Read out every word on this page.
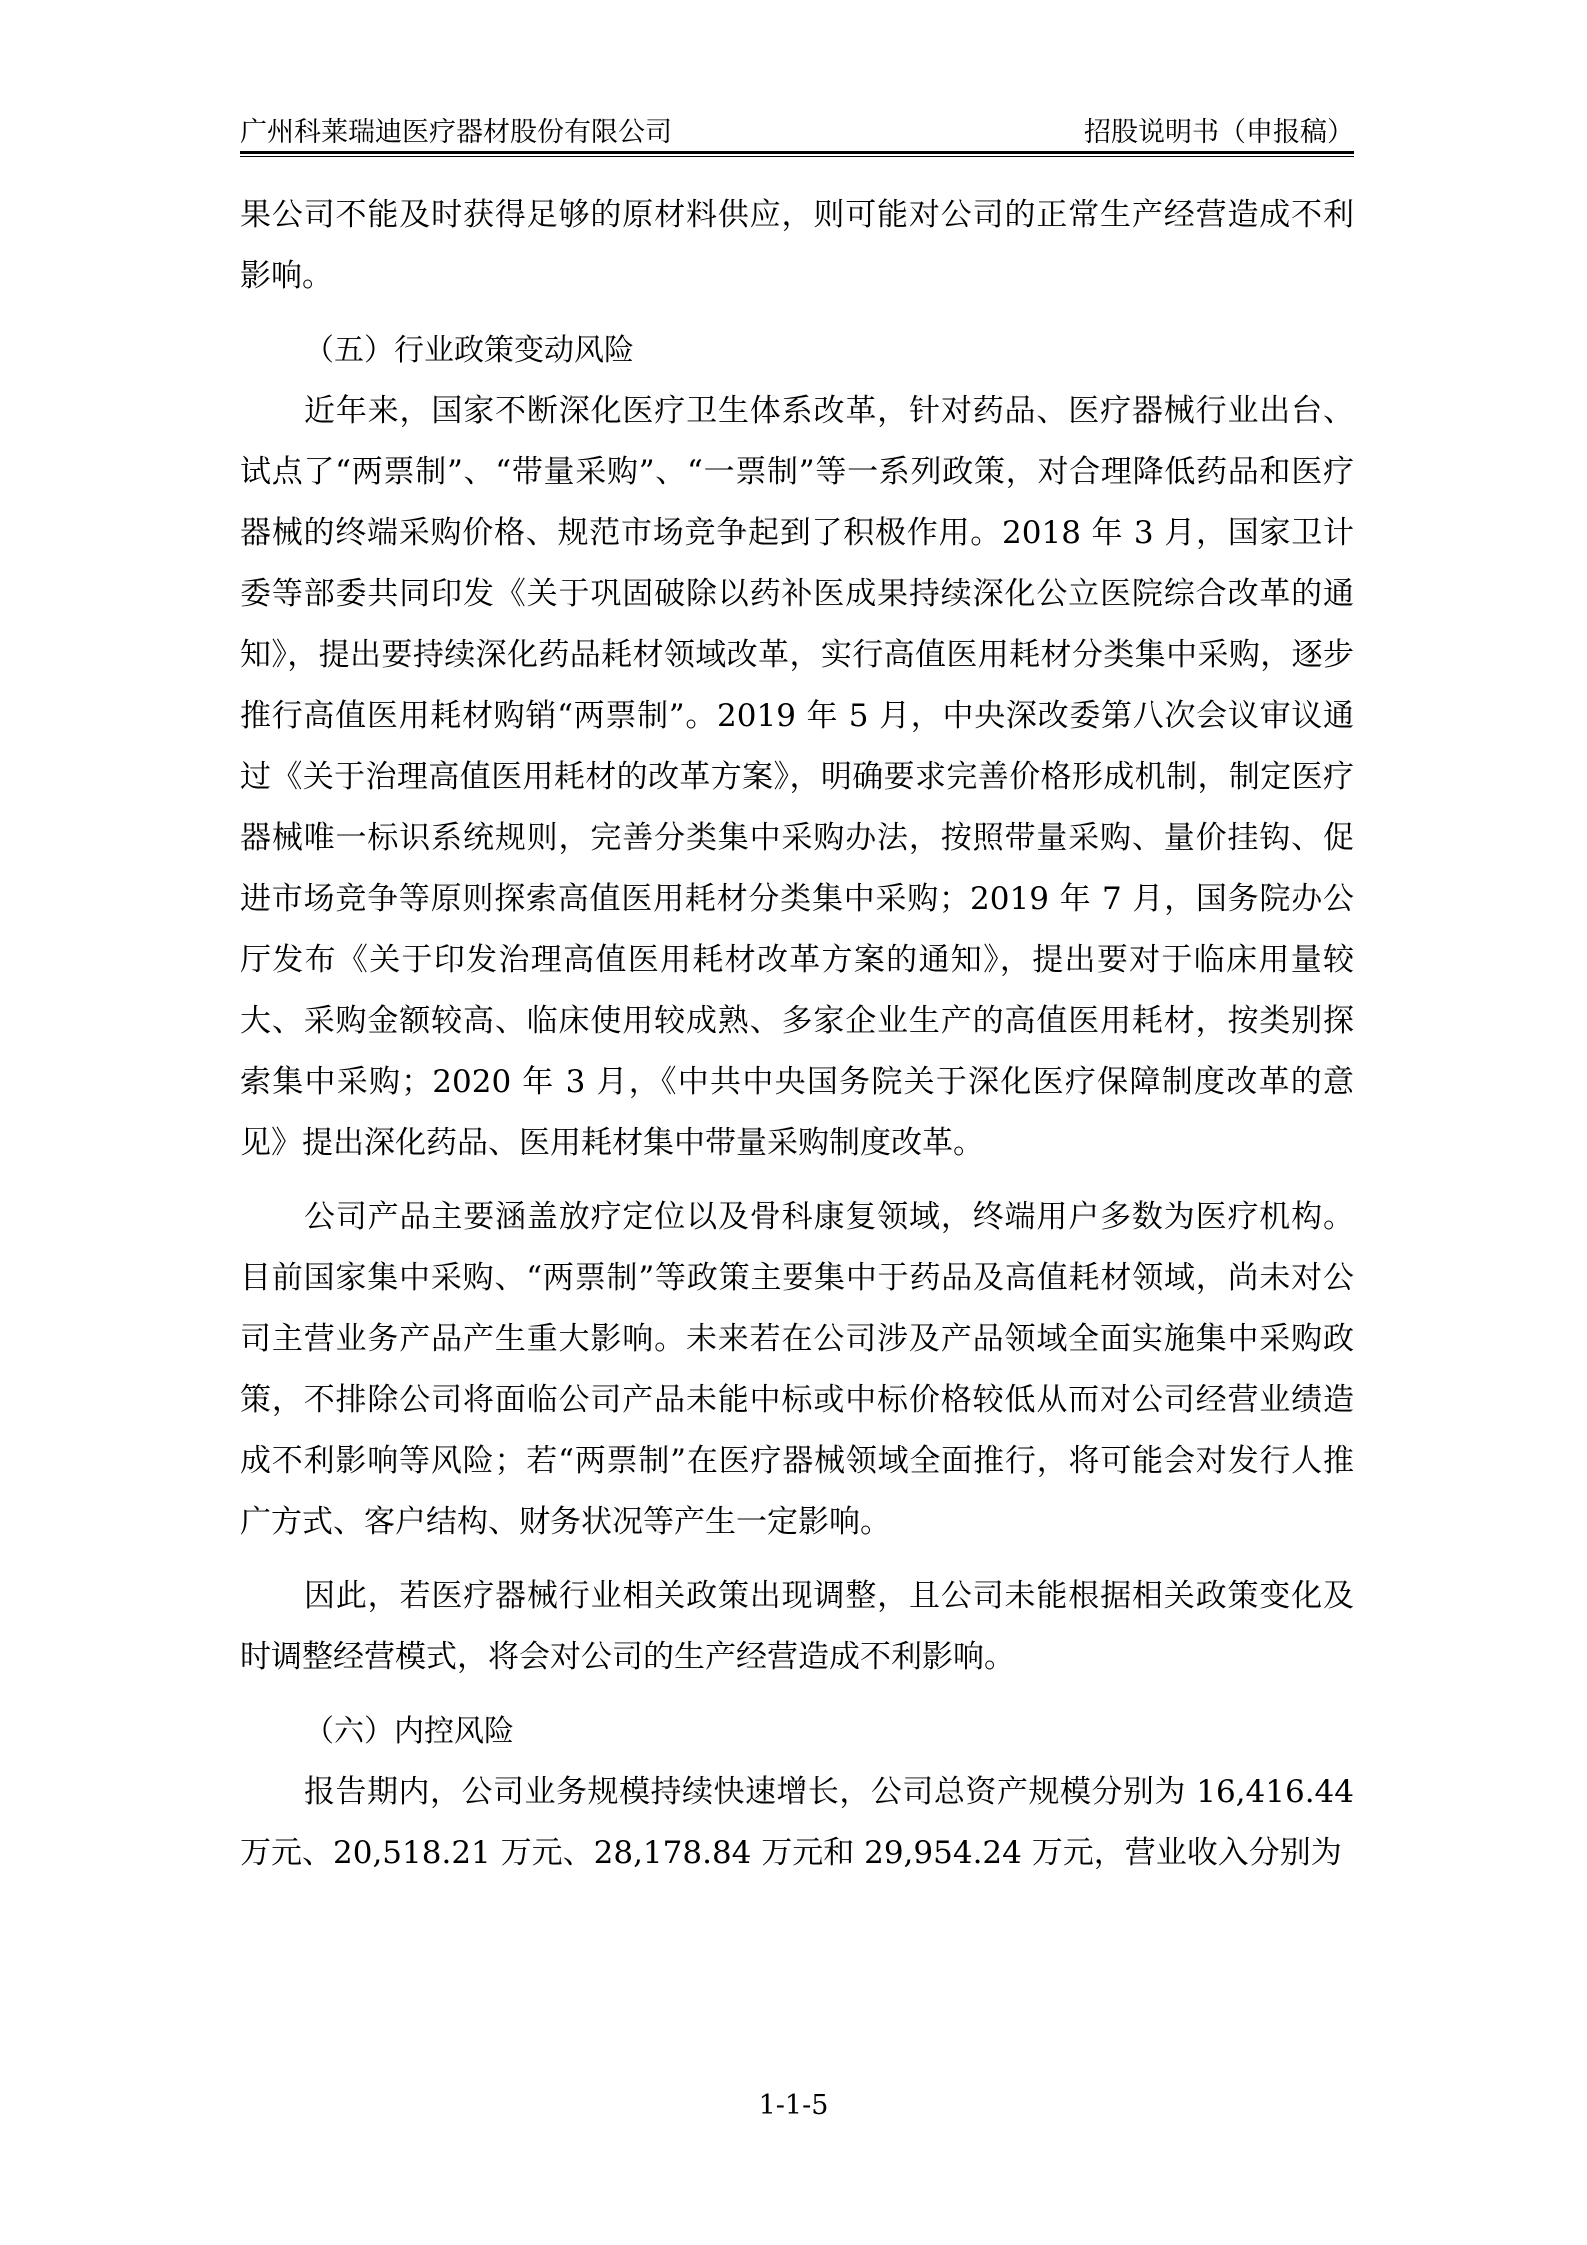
广州科莱瑞迪医疗器材股份有限公司	招股说明书（申报稿）

果公司不能及时获得足够的原材料供应，则可能对公司的正常生产经营造成不利影响。

（五）行业政策变动风险

近年来，国家不断深化医疗卫生体系改革，针对药品、医疗器械行业出台、试点了“两票制”、“带量采购”、“一票制”等一系列政策，对合理降低药品和医疗器械的终端采购价格、规范市场竞争起到了积极作用。2018 年 3 月，国家卫计委等部委共同印发《关于巩固破除以药补医成果持续深化公立医院综合改革的通知》，提出要持续深化药品耗材领域改革，实行高值医用耗材分类集中采购，逐步推行高值医用耗材购销“两票制”。2019 年 5 月，中央深改委第八次会议审议通过《关于治理高值医用耗材的改革方案》，明确要求完善价格形成机制，制定医疗器械唯一标识系统规则，完善分类集中采购办法，按照带量采购、量价挂钩、促进市场竞争等原则探索高值医用耗材分类集中采购；2019 年 7 月，国务院办公厅发布《关于印发治理高值医用耗材改革方案的通知》，提出要对于临床用量较大、采购金额较高、临床使用较成熟、多家企业生产的高值医用耗材，按类别探索集中采购；2020 年 3 月，《中共中央国务院关于深化医疗保障制度改革的意见》提出深化药品、医用耗材集中带量采购制度改革。

公司产品主要涵盖放疗定位以及骨科康复领域，终端用户多数为医疗机构。目前国家集中采购、“两票制”等政策主要集中于药品及高值耗材领域，尚未对公司主营业务产品产生重大影响。未来若在公司涉及产品领域全面实施集中采购政策，不排除公司将面临公司产品未能中标或中标价格较低从而对公司经营业绩造成不利影响等风险；若“两票制”在医疗器械领域全面推行，将可能会对发行人推广方式、客户结构、财务状况等产生一定影响。

因此，若医疗器械行业相关政策出现调整，且公司未能根据相关政策变化及时调整经营模式，将会对公司的生产经营造成不利影响。

（六）内控风险

报告期内，公司业务规模持续快速增长，公司总资产规模分别为 16,416.44 万元、20,518.21 万元、28,178.84 万元和 29,954.24 万元，营业收入分别为

1-1-5
